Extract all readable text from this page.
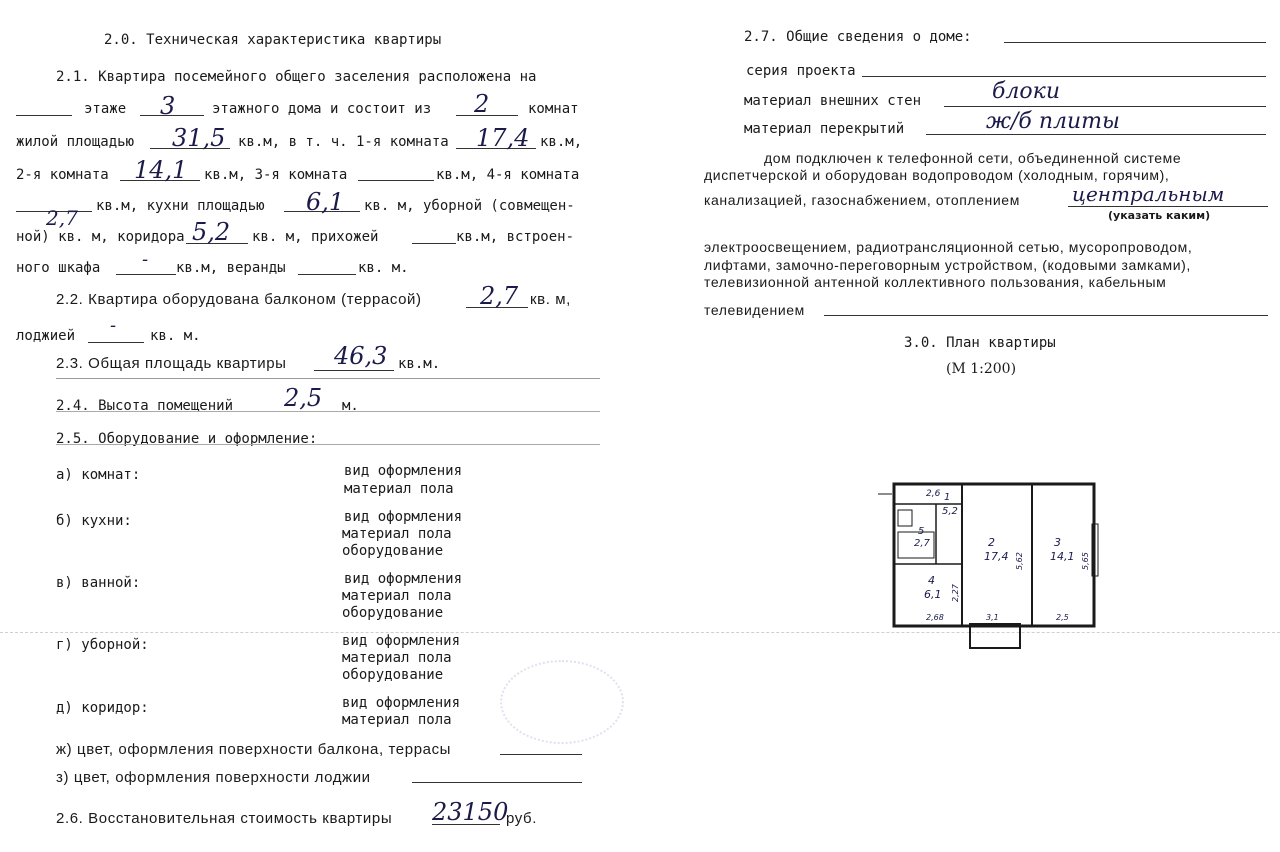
2.0. Техническая характеристика квартиры
2.1. Квартира посемейного общего заселения расположена на
этаже 3	этажного дома и состоит из 2	комнат
жилой площадью 31,5 кв.м, в т. ч. 1-я комната 17,4 кв.м,
2-я комната 14,1 кв.м, 3-я комната	кв.м, 4-я комната
кв.м, кухни площадью 6,1 кв. м, уборной (совмещен-
2,7
ной) кв. м, коридора 5,2 кв. м, прихожей	кв.м, встроен-
ного шкафа - кв.м, веранды	кв. м.
2.2. Квартира оборудована балконом (террасой) 2,7 кв. м,
лоджией - кв. м.
2.3. Общая площадь квартиры 46,3 кв.м.
2.4. Высота помещений 2,5 м.
2.5. Оборудование и оформление:
а) комнат:	вид оформления
материал пола
б) кухни:	вид оформления
материал пола
оборудование
в) ванной:	вид оформления
материал пола
оборудование
г) уборной:	вид оформления
материал пола
оборудование
д) коридор:	вид оформления
материал пола
ж) цвет, оформления поверхности балкона, террасы
з) цвет, оформления поверхности лоджии
2.6. Восстановительная стоимость квартиры 23150
руб.
2.7. Общие сведения о доме:
серия проекта
материал внешних стен	блоки
материал перекрытий	ж/б плиты
дом подключен к телефонной сети, объединенной системе
диспетчерской и оборудован водопроводом (холодным, горячим),
канализацией, газоснабжением, отоплением	центральным
(указать каким)
электроосвещением, радиотрансляционной сетью, мусоропроводом,
лифтами, замочно-переговорным устройством, (кодовыми замками),
телевизионной антенной коллективного пользования, кабельным
телевидением
3.0. План квартиры
(М 1:200)
2,6 1
5,2
5
2,7	2
17,4
3
14,1
4
6,1
5,62	5,65
2,27
2,68	3,1	2,5
